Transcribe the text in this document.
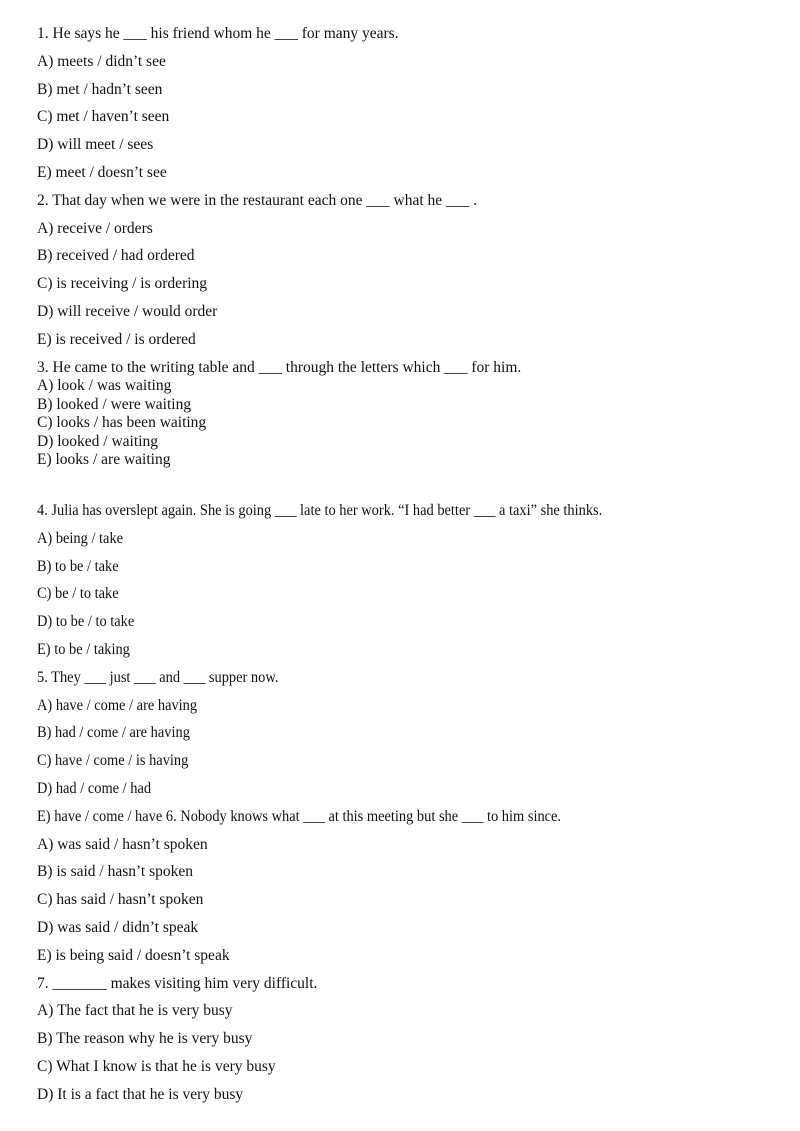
1. He says he ___ his friend whom he ___ for many years.
A) meets / didn’t see
B) met / hadn’t seen
C) met / haven’t seen
D) will meet / sees
E) meet / doesn’t see
2. That day when we were in the restaurant each one ___ what he ___ .
A) receive / orders
B) received / had ordered
C) is receiving / is ordering
D) will receive / would order
E) is received / is ordered
3. He came to the writing table and ___ through the letters which ___ for him.
A) look / was waiting
B) looked / were waiting
C) looks / has been waiting
D) looked / waiting
E) looks / are waiting
4. Julia has overslept again. She is going ___ late to her work. “I had better ___ a taxi” she thinks.
A) being / take
B) to be / take
C) be / to take
D) to be / to take
E) to be / taking
5. They ___ just ___ and ___ supper now.
A) have / come / are having
B) had / come / are having
C) have / come / is having
D) had / come / had
E) have / come / have 6. Nobody knows what ___ at this meeting but she ___ to him since.
A) was said / hasn’t spoken
B) is said / hasn’t spoken
C) has said / hasn’t spoken
D) was said / didn’t speak
E) is being said / doesn’t speak
7. _______ makes visiting him very difficult.
A) The fact that he is very busy
B) The reason why he is very busy
C) What I know is that he is very busy
D) It is a fact that he is very busy
